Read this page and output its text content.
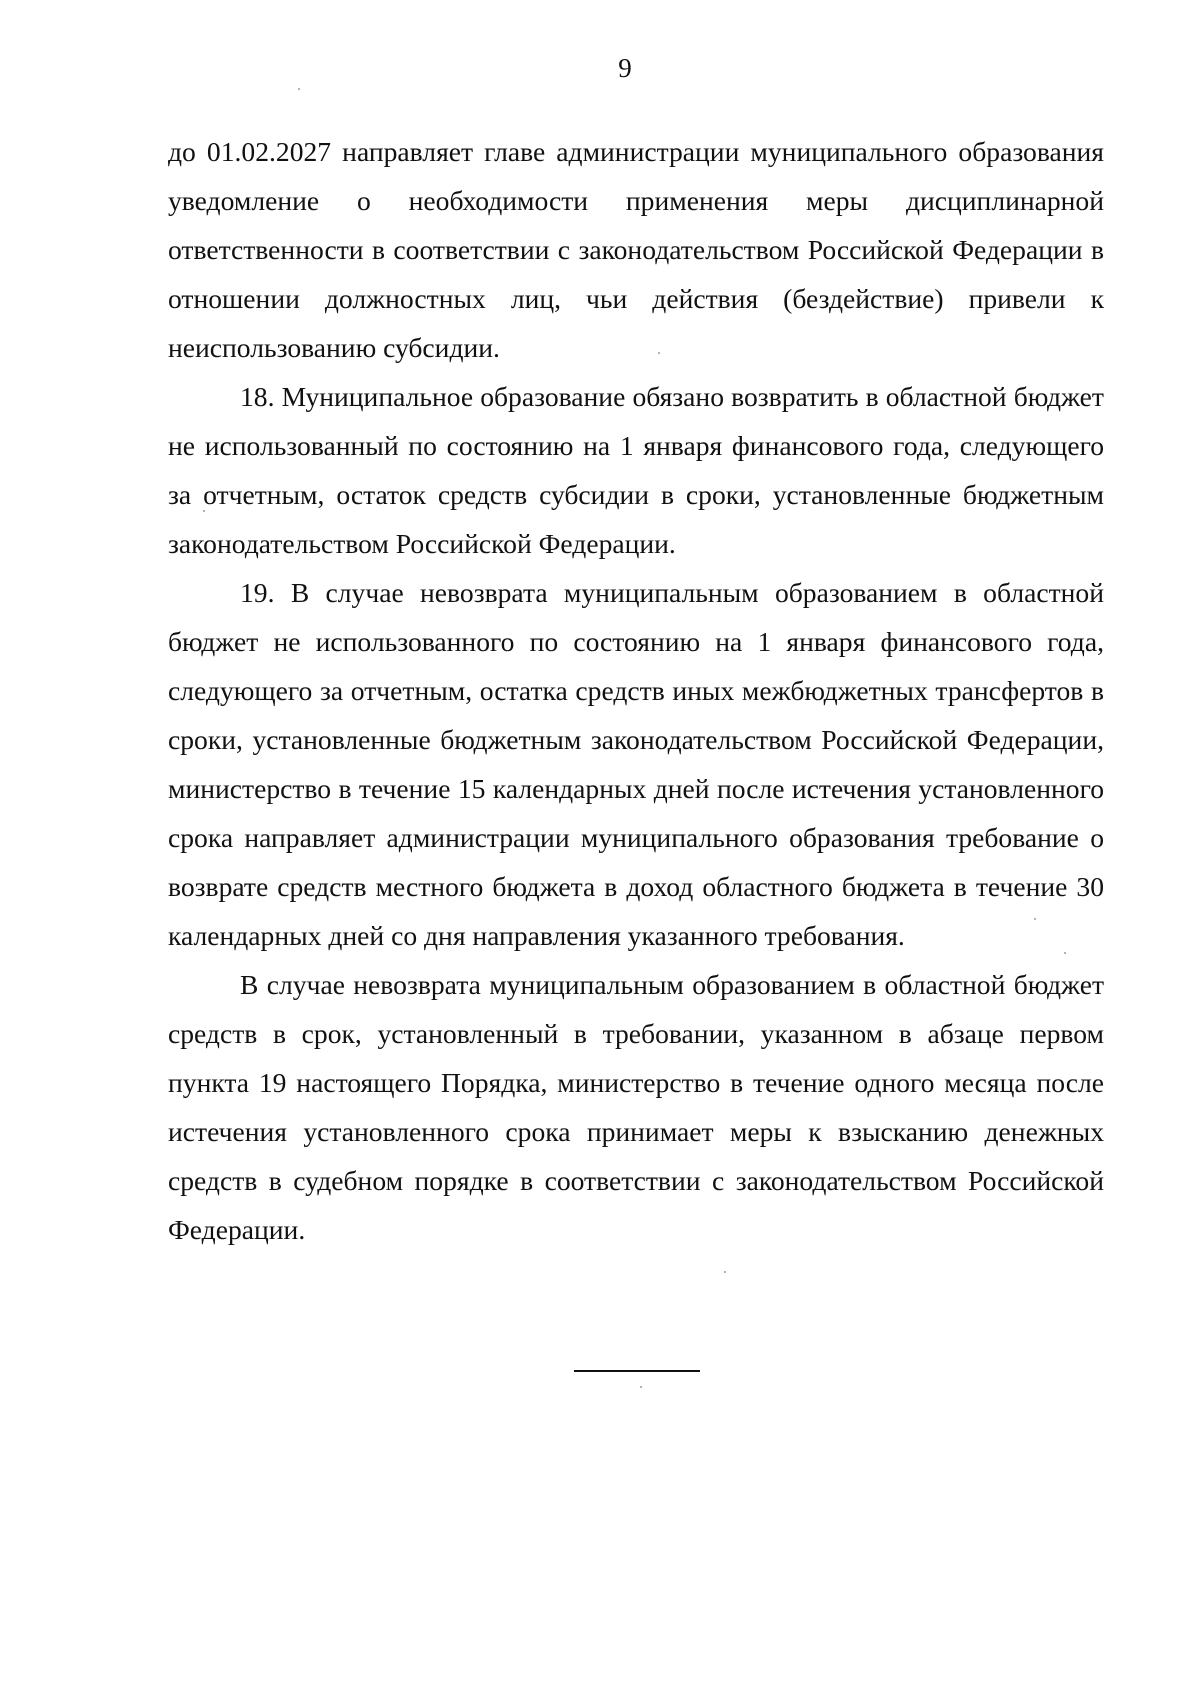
9

до 01.02.2027 направляет главе администрации муниципального образования уведомление о необходимости применения меры дисциплинарной ответственности в соответствии с законодательством Российской Федерации в отношении должностных лиц, чьи действия (бездействие) привели к неиспользованию субсидии.

18. Муниципальное образование обязано возвратить в областной бюджет не использованный по состоянию на 1 января финансового года, следующего за отчетным, остаток средств субсидии в сроки, установленные бюджетным законодательством Российской Федерации.

19. В случае невозврата муниципальным образованием в областной бюджет не использованного по состоянию на 1 января финансового года, следующего за отчетным, остатка средств иных межбюджетных трансфертов в сроки, установленные бюджетным законодательством Российской Федерации, министерство в течение 15 календарных дней после истечения установленного срока направляет администрации муниципального образования требование о возврате средств местного бюджета в доход областного бюджета в течение 30 календарных дней со дня направления указанного требования.

В случае невозврата муниципальным образованием в областной бюджет средств в срок, установленный в требовании, указанном в абзаце первом пункта 19 настоящего Порядка, министерство в течение одного месяца после истечения установленного срока принимает меры к взысканию денежных средств в судебном порядке в соответствии с законодательством Российской Федерации.
